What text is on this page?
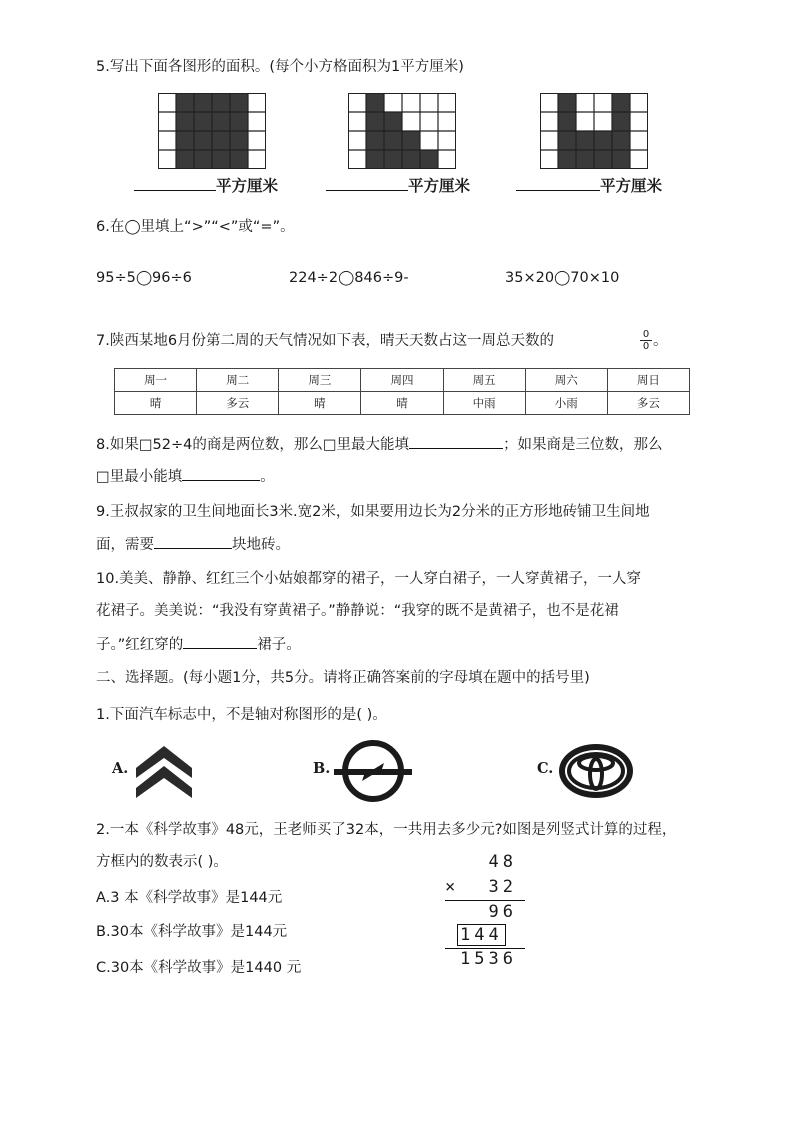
5.写出下面各图形的面积。(每个小方格面积为1平方厘米)
平方厘米	平方厘米	平方厘米
6.在◯里填上“>”“<”或“=”。
95÷5◯96÷6	224÷2◯846÷9-	35×20◯70×10
7.陕西某地6月份第二周的天气情况如下表，晴天天数占这一周总天数的	$\frac{0}{0}$ 。
周一	周二	周三	周四	周五	周六	周日
晴	多云	晴	晴	中雨	小雨	多云
8.如果□52÷4的商是两位数，那么□里最大能填	；如果商是三位数，那么
□里最小能填	。
9.王叔叔家的卫生间地面长3米.宽2米，如果要用边长为2分米的正方形地砖铺卫生间地
面，需要	块地砖。
10.美美、静静、红红三个小姑娘都穿的裙子，一人穿白裙子，一人穿黄裙子，一人穿
花裙子。美美说：“我没有穿黄裙子。”静静说：“我穿的既不是黄裙子，也不是花裙
子。”红红穿的	裙子。
二、选择题。(每小题1分，共5分。请将正确答案前的字母填在题中的括号里)
1.下面汽车标志中，不是轴对称图形的是( )。
A.	B.	C.
2.一本《科学故事》48元，王老师买了32本，一共用去多少元?如图是列竖式计算的过程，
方框内的数表示( )。
A.3 本《科学故事》是144元
B.30本《科学故事》是144元
C.30本《科学故事》是1440 元
48
× 32
96
144
1536
